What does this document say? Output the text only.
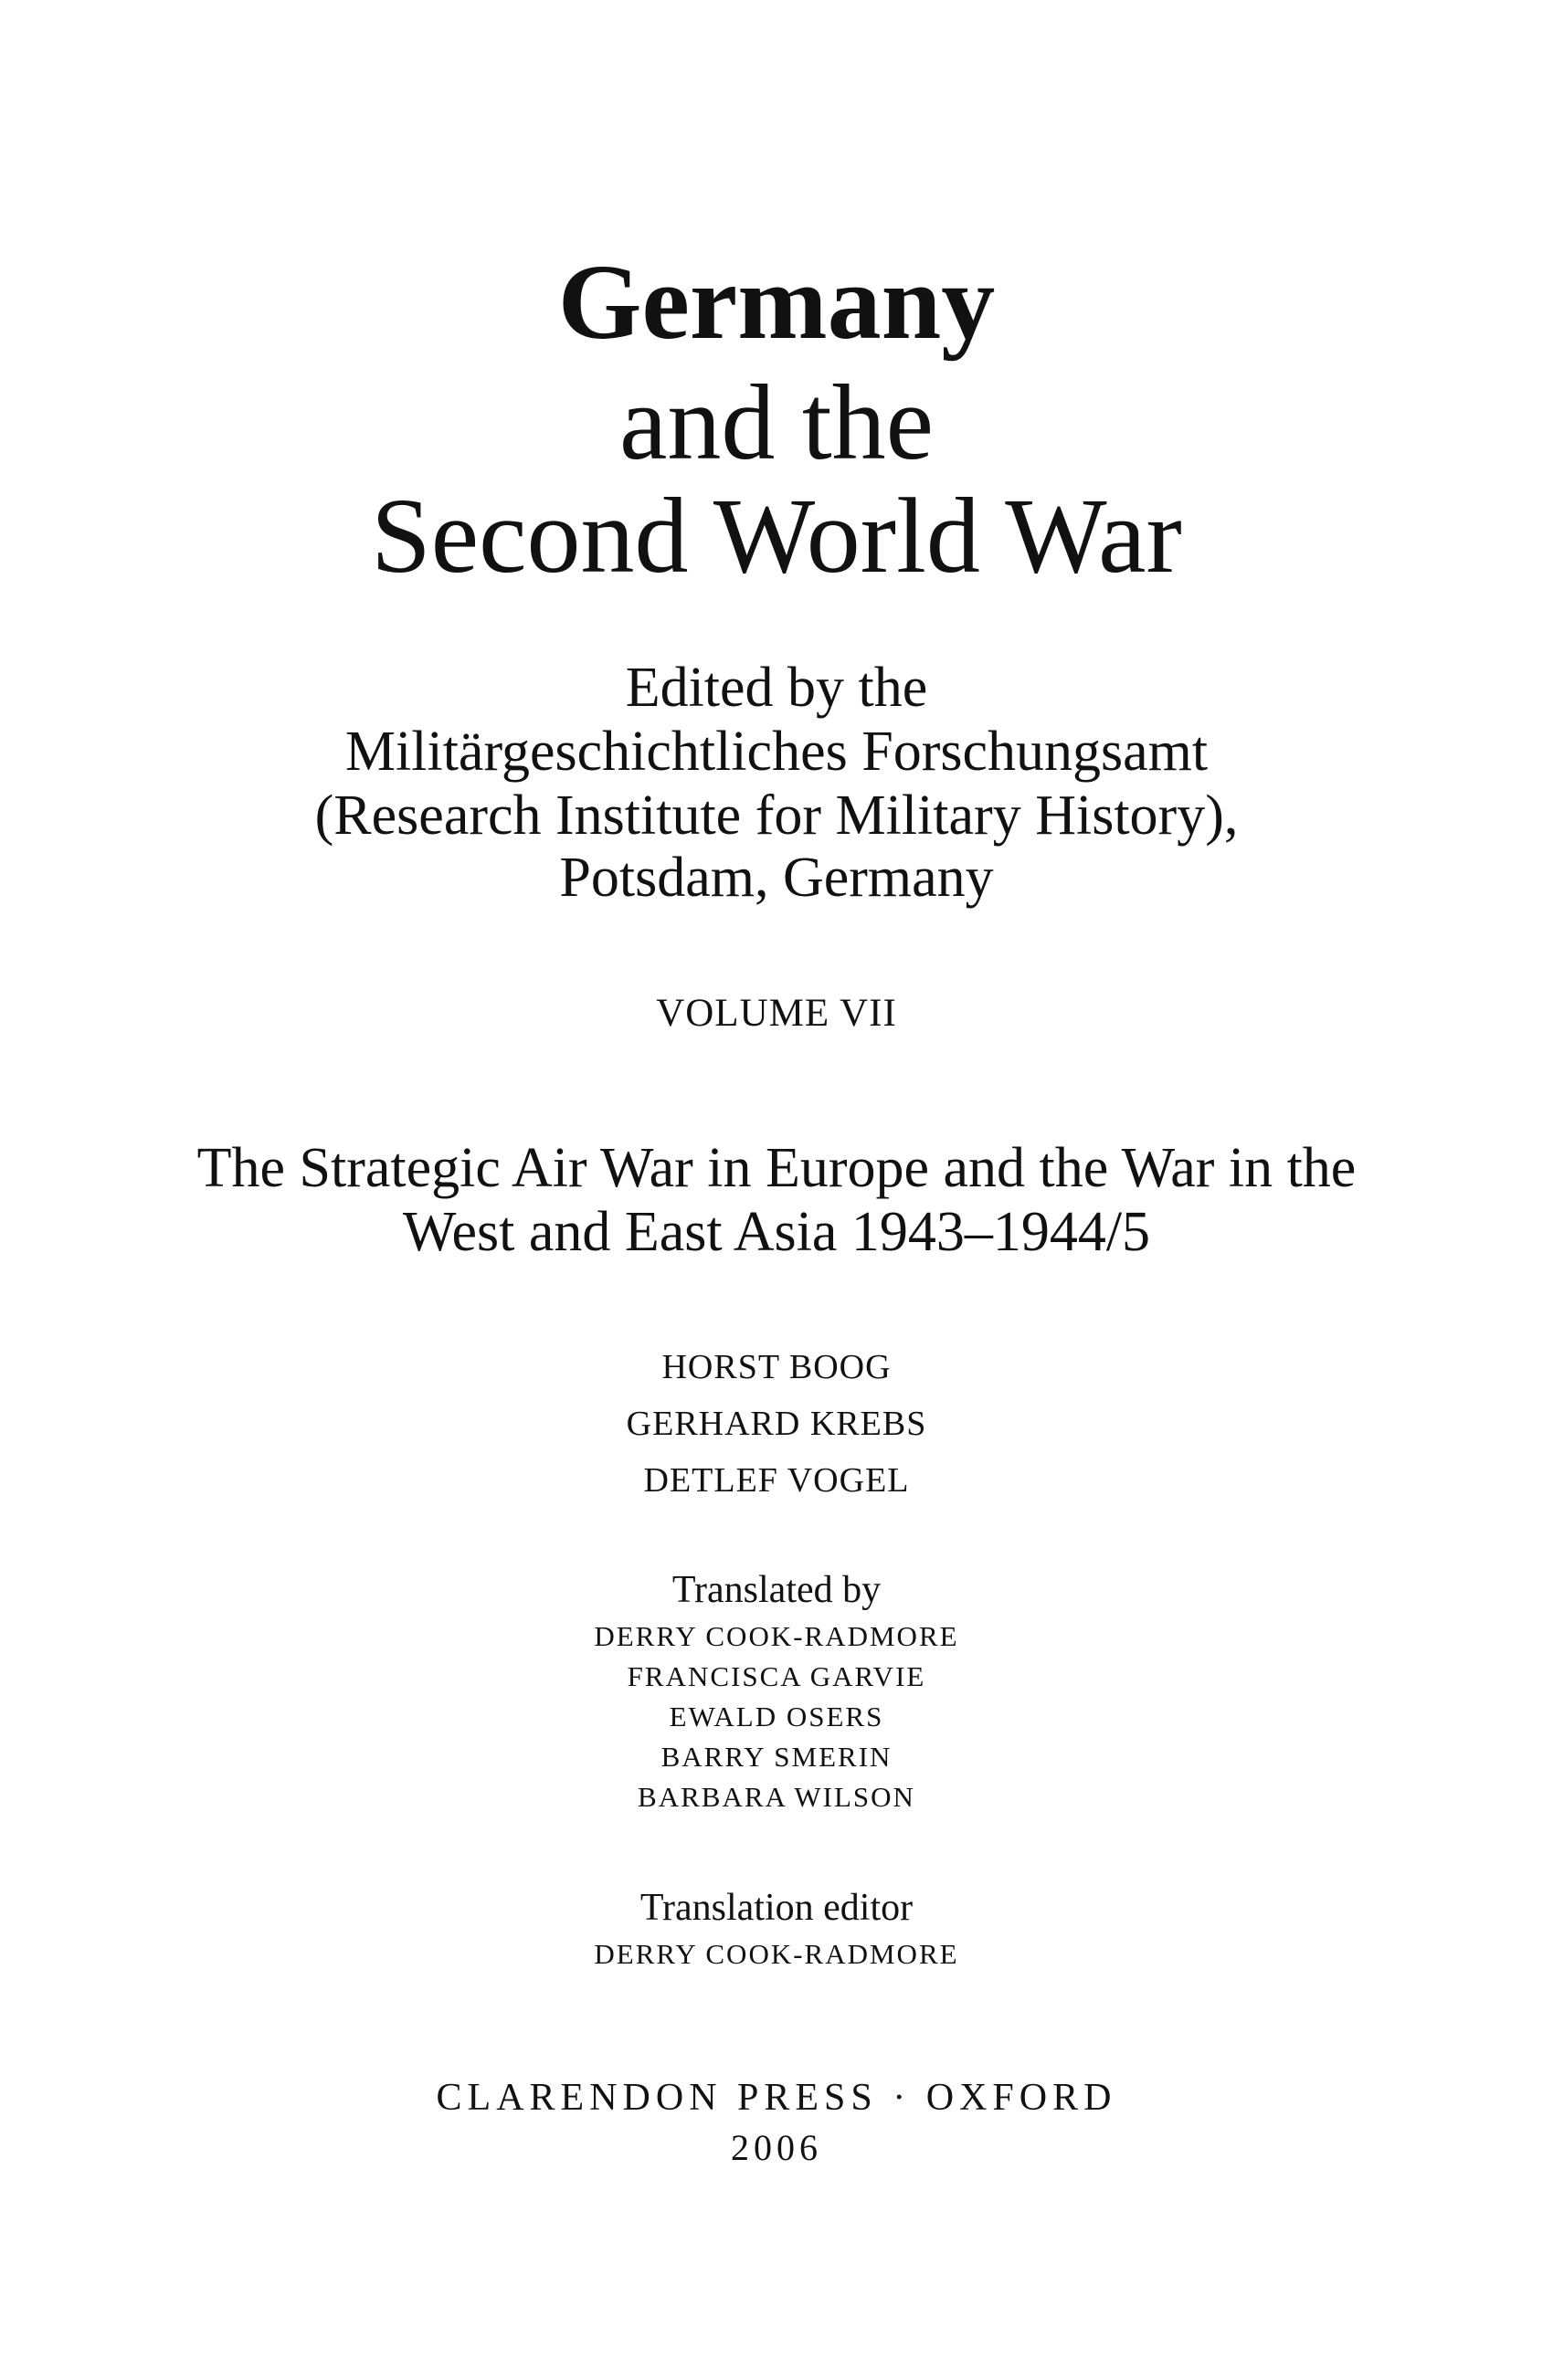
Germany
and the
Second World War
Edited by the
Militärgeschichtliches Forschungsamt
(Research Institute for Military History),
Potsdam, Germany
VOLUME VII
The Strategic Air War in Europe and the War in the
West and East Asia 1943–1944/5
HORST BOOG
GERHARD KREBS
DETLEF VOGEL
Translated by
DERRY COOK-RADMORE
FRANCISCA GARVIE
EWALD OSERS
BARRY SMERIN
BARBARA WILSON
Translation editor
DERRY COOK-RADMORE
CLARENDON PRESS · OXFORD
2006
